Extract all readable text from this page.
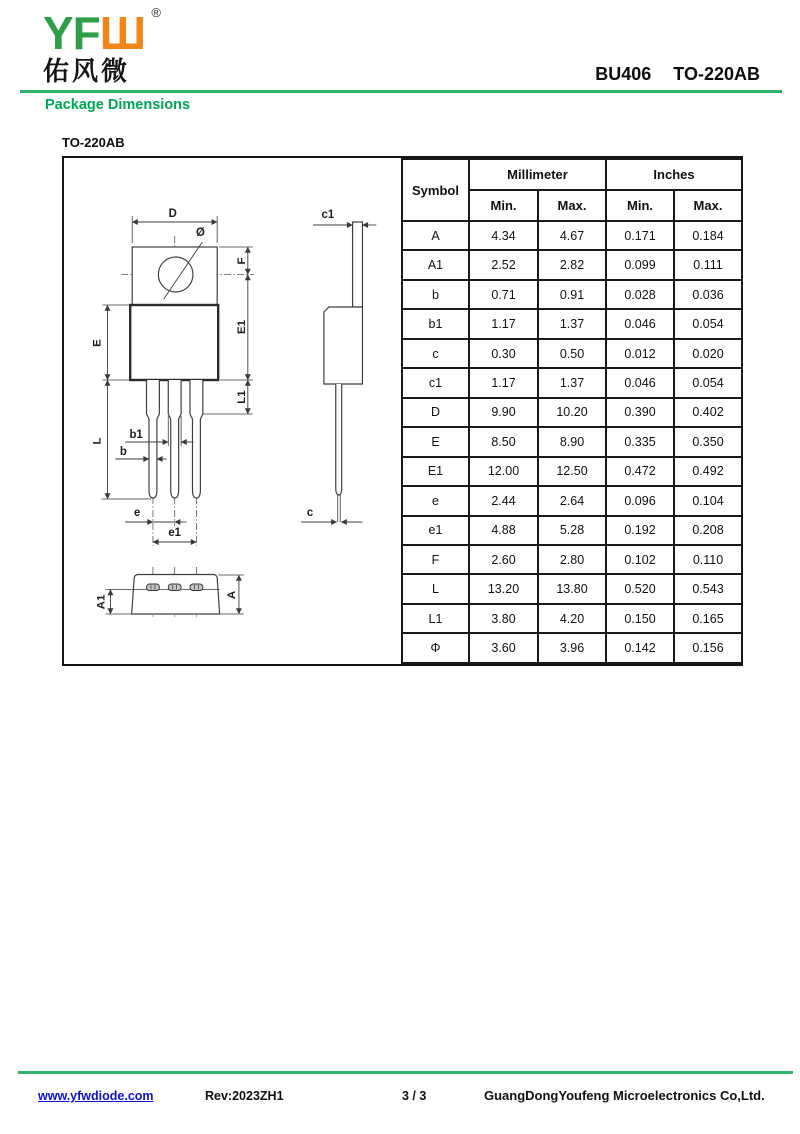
YFШ ®
佑风微	BU406 TO-220AB
Package Dimensions
TO-220AB
D
Ø
F
E1
L1
E
L b1
b
e
e1
A1	A
c1
c
Symbol	Millimeter		Inches	
	Min.	Max.	Min.	Max.
A	4.34	4.67	0.171	0.184
A1	2.52	2.82	0.099	0.111
b	0.71	0.91	0.028	0.036
b1	1.17	1.37	0.046	0.054
c	0.30	0.50	0.012	0.020
c1	1.17	1.37	0.046	0.054
D	9.90	10.20	0.390	0.402
E	8.50	8.90	0.335	0.350
E1	12.00	12.50	0.472	0.492
e	2.44	2.64	0.096	0.104
e1	4.88	5.28	0.192	0.208
F	2.60	2.80	0.102	0.110
L	13.20	13.80	0.520	0.543
L1	3.80	4.20	0.150	0.165
Φ	3.60	3.96	0.142	0.156
www.yfwdiode.com	Rev:2023ZH1	3 / 3	GuangDongYoufeng Microelectronics Co,Ltd.
